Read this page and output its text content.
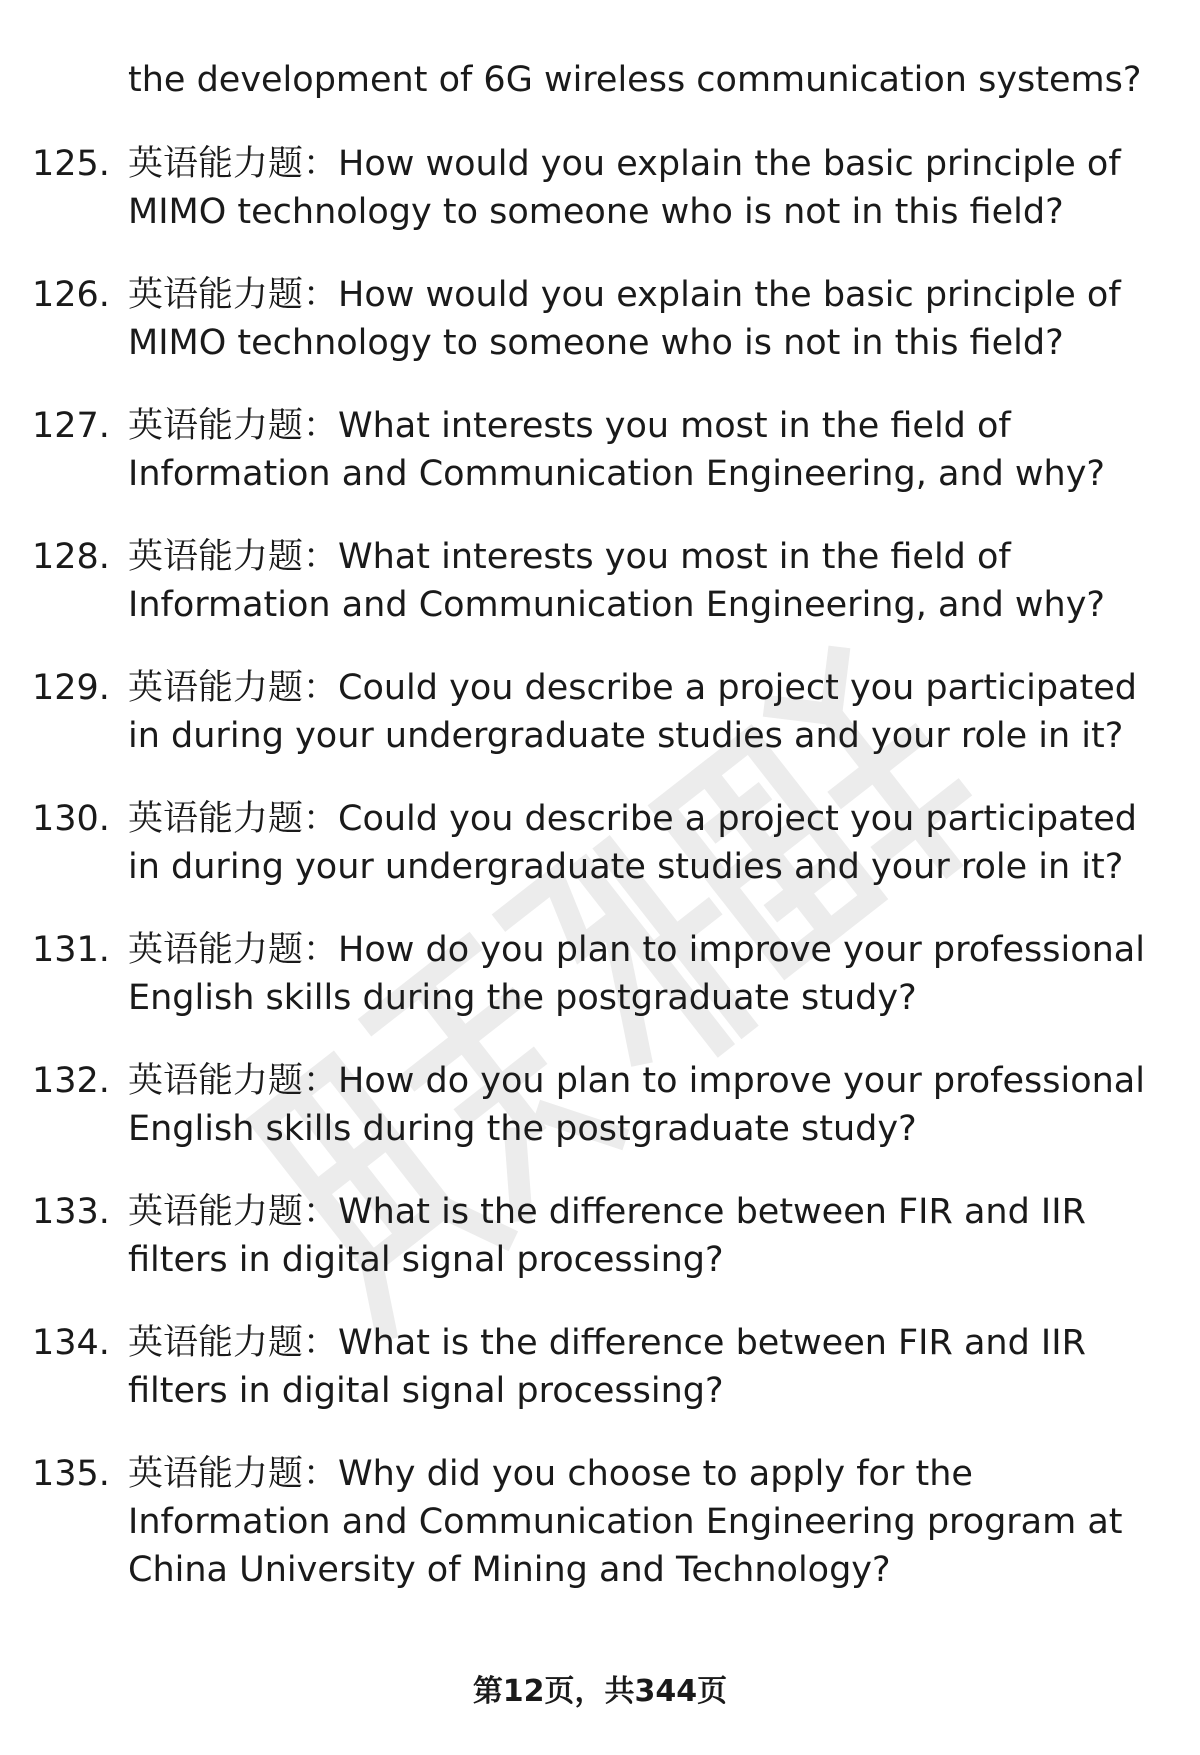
the development of 6G wireless communication systems?
125. 英语能力题：How would you explain the basic principle of
MIMO technology to someone who is not in this field?
126. 英语能力题：How would you explain the basic principle of
MIMO technology to someone who is not in this field?
127. 英语能力题：What interests you most in the field of
Information and Communication Engineering, and why?
128. 英语能力题：What interests you most in the field of
Information and Communication Engineering, and why?
129. 英语能力题：Could you describe a project you participated
in during your undergraduate studies and your role in it?
130. 英语能力题：Could you describe a project you participated
in during your undergraduate studies and your role in it?
131. 英语能力题：How do you plan to improve your professional
English skills during the postgraduate study?
132. 英语能力题：How do you plan to improve your professional
English skills during the postgraduate study?
133. 英语能力题：What is the difference between FIR and IIR
filters in digital signal processing?
134. 英语能力题：What is the difference between FIR and IIR
filters in digital signal processing?
135. 英语能力题：Why did you choose to apply for the
Information and Communication Engineering program at
China University of Mining and Technology?
第12页，共344页
